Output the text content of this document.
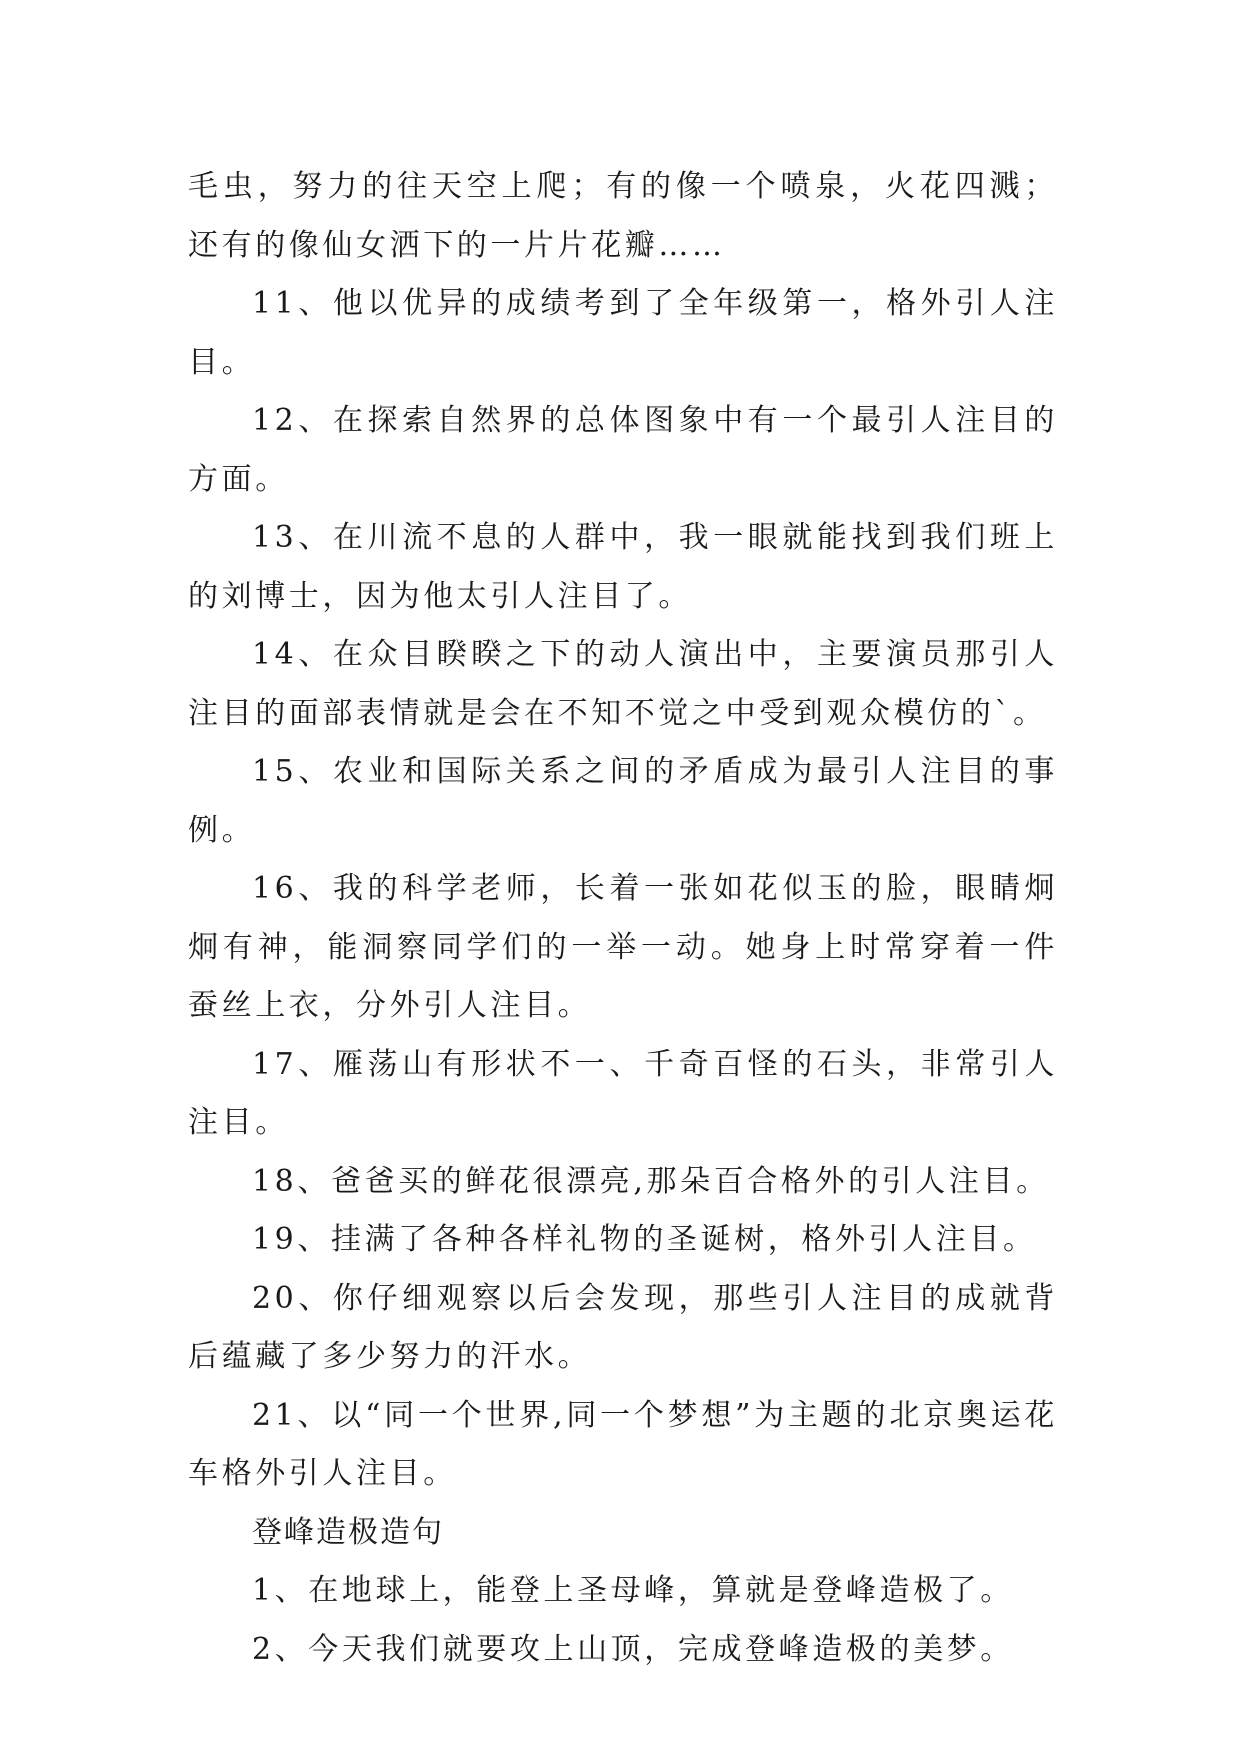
毛虫，努力的往天空上爬；有的像一个喷泉，火花四溅；还有的像仙女洒下的一片片花瓣……

11、他以优异的成绩考到了全年级第一，格外引人注目。

12、在探索自然界的总体图象中有一个最引人注目的方面。

13、在川流不息的人群中，我一眼就能找到我们班上的刘博士，因为他太引人注目了。

14、在众目睽睽之下的动人演出中，主要演员那引人注目的面部表情就是会在不知不觉之中受到观众模仿的`。

15、农业和国际关系之间的矛盾成为最引人注目的事例。

16、我的科学老师，长着一张如花似玉的脸，眼睛炯炯有神，能洞察同学们的一举一动。她身上时常穿着一件蚕丝上衣，分外引人注目。

17、雁荡山有形状不一、千奇百怪的石头，非常引人注目。

18、爸爸买的鲜花很漂亮,那朵百合格外的引人注目。

19、挂满了各种各样礼物的圣诞树，格外引人注目。

20、你仔细观察以后会发现，那些引人注目的成就背后蕴藏了多少努力的汗水。

21、以“同一个世界,同一个梦想”为主题的北京奥运花车格外引人注目。

登峰造极造句

1、在地球上，能登上圣母峰，算就是登峰造极了。

2、今天我们就要攻上山顶，完成登峰造极的美梦。
